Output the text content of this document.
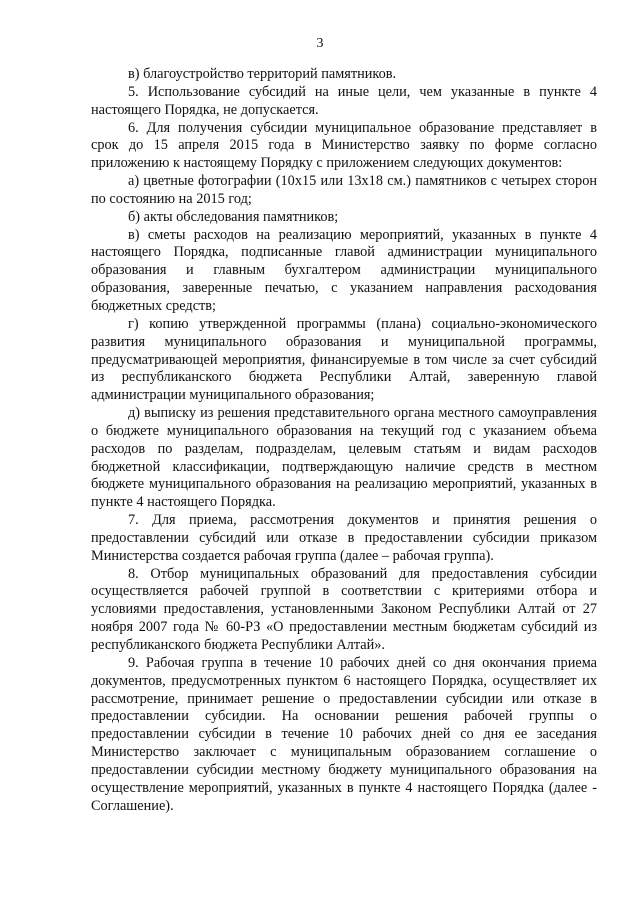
3

в) благоустройство территорий памятников.

5. Использование субсидий на иные цели, чем указанные в пункте 4 настоящего Порядка, не допускается.

6. Для получения субсидии муниципальное образование представляет в срок до 15 апреля 2015 года в Министерство заявку по форме согласно приложению к настоящему Порядку с приложением следующих документов:

а) цветные фотографии (10х15 или 13х18 см.) памятников с четырех сторон по состоянию на 2015 год;

б) акты обследования памятников;

в) сметы расходов на реализацию мероприятий, указанных в пункте 4 настоящего Порядка, подписанные главой администрации муниципального образования и главным бухгалтером администрации муниципального образования, заверенные печатью, с указанием направления расходования бюджетных средств;

г) копию утвержденной программы (плана) социально-экономического развития муниципального образования и муниципальной программы, предусматривающей мероприятия, финансируемые в том числе за счет субсидий из республиканского бюджета Республики Алтай, заверенную главой администрации муниципального образования;

д) выписку из решения представительного органа местного самоуправления о бюджете муниципального образования на текущий год с указанием объема расходов по разделам, подразделам, целевым статьям и видам расходов бюджетной классификации, подтверждающую наличие средств в местном бюджете муниципального образования на реализацию мероприятий, указанных в пункте 4 настоящего Порядка.

7. Для приема, рассмотрения документов и принятия решения о предоставлении субсидий или отказе в предоставлении субсидии приказом Министерства создается рабочая группа (далее – рабочая группа).

8. Отбор муниципальных образований для предоставления субсидии осуществляется рабочей группой в соответствии с критериями отбора и условиями предоставления, установленными Законом Республики Алтай от 27 ноября 2007 года № 60-РЗ «О предоставлении местным бюджетам субсидий из республиканского бюджета Республики Алтай».

9. Рабочая группа в течение 10 рабочих дней со дня окончания приема документов, предусмотренных пунктом 6 настоящего Порядка, осуществляет их рассмотрение, принимает решение о предоставлении субсидии или отказе в предоставлении субсидии. На основании решения рабочей группы о предоставлении субсидии в течение 10 рабочих дней со дня ее заседания Министерство заключает с муниципальным образованием соглашение о предоставлении субсидии местному бюджету муниципального образования на осуществление мероприятий, указанных в пункте 4 настоящего Порядка (далее - Соглашение).
